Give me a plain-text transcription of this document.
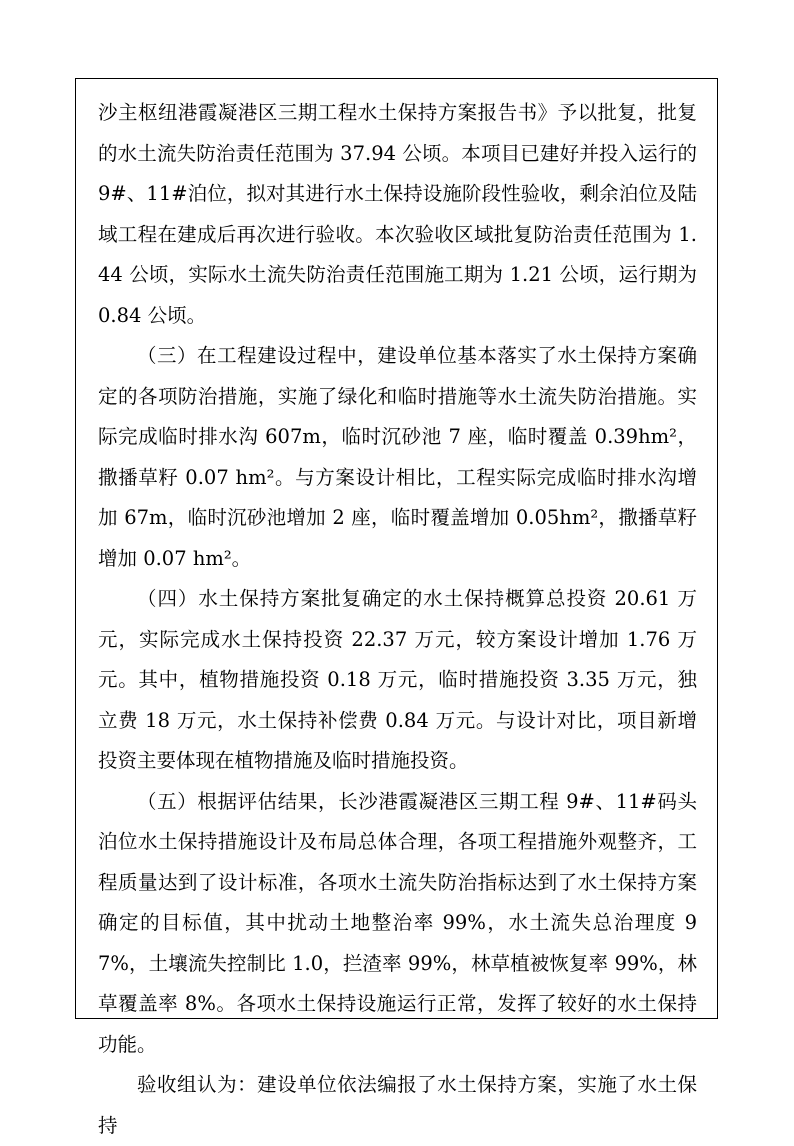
沙主枢纽港霞凝港区三期工程水土保持方案报告书》予以批复，批复的水土流失防治责任范围为 37.94 公顷。本项目已建好并投入运行的 9#、11#泊位，拟对其进行水土保持设施阶段性验收，剩余泊位及陆域工程在建成后再次进行验收。本次验收区域批复防治责任范围为 1.44 公顷，实际水土流失防治责任范围施工期为 1.21 公顷，运行期为 0.84 公顷。

（三）在工程建设过程中，建设单位基本落实了水土保持方案确定的各项防治措施，实施了绿化和临时措施等水土流失防治措施。实际完成临时排水沟 607m，临时沉砂池 7 座，临时覆盖 0.39hm²，撒播草籽 0.07 hm²。与方案设计相比，工程实际完成临时排水沟增加 67m，临时沉砂池增加 2 座，临时覆盖增加 0.05hm²，撒播草籽增加 0.07 hm²。

（四）水土保持方案批复确定的水土保持概算总投资 20.61 万元，实际完成水土保持投资 22.37 万元，较方案设计增加 1.76 万元。其中，植物措施投资 0.18 万元，临时措施投资 3.35 万元，独立费 18 万元，水土保持补偿费 0.84 万元。与设计对比，项目新增投资主要体现在植物措施及临时措施投资。

（五）根据评估结果，长沙港霞凝港区三期工程 9#、11#码头泊位水土保持措施设计及布局总体合理，各项工程措施外观整齐，工程质量达到了设计标准，各项水土流失防治指标达到了水土保持方案确定的目标值，其中扰动土地整治率 99%，水土流失总治理度 97%，土壤流失控制比 1.0，拦渣率 99%，林草植被恢复率 99%，林草覆盖率 8%。各项水土保持设施运行正常，发挥了较好的水土保持功能。

验收组认为：建设单位依法编报了水土保持方案，实施了水土保持
